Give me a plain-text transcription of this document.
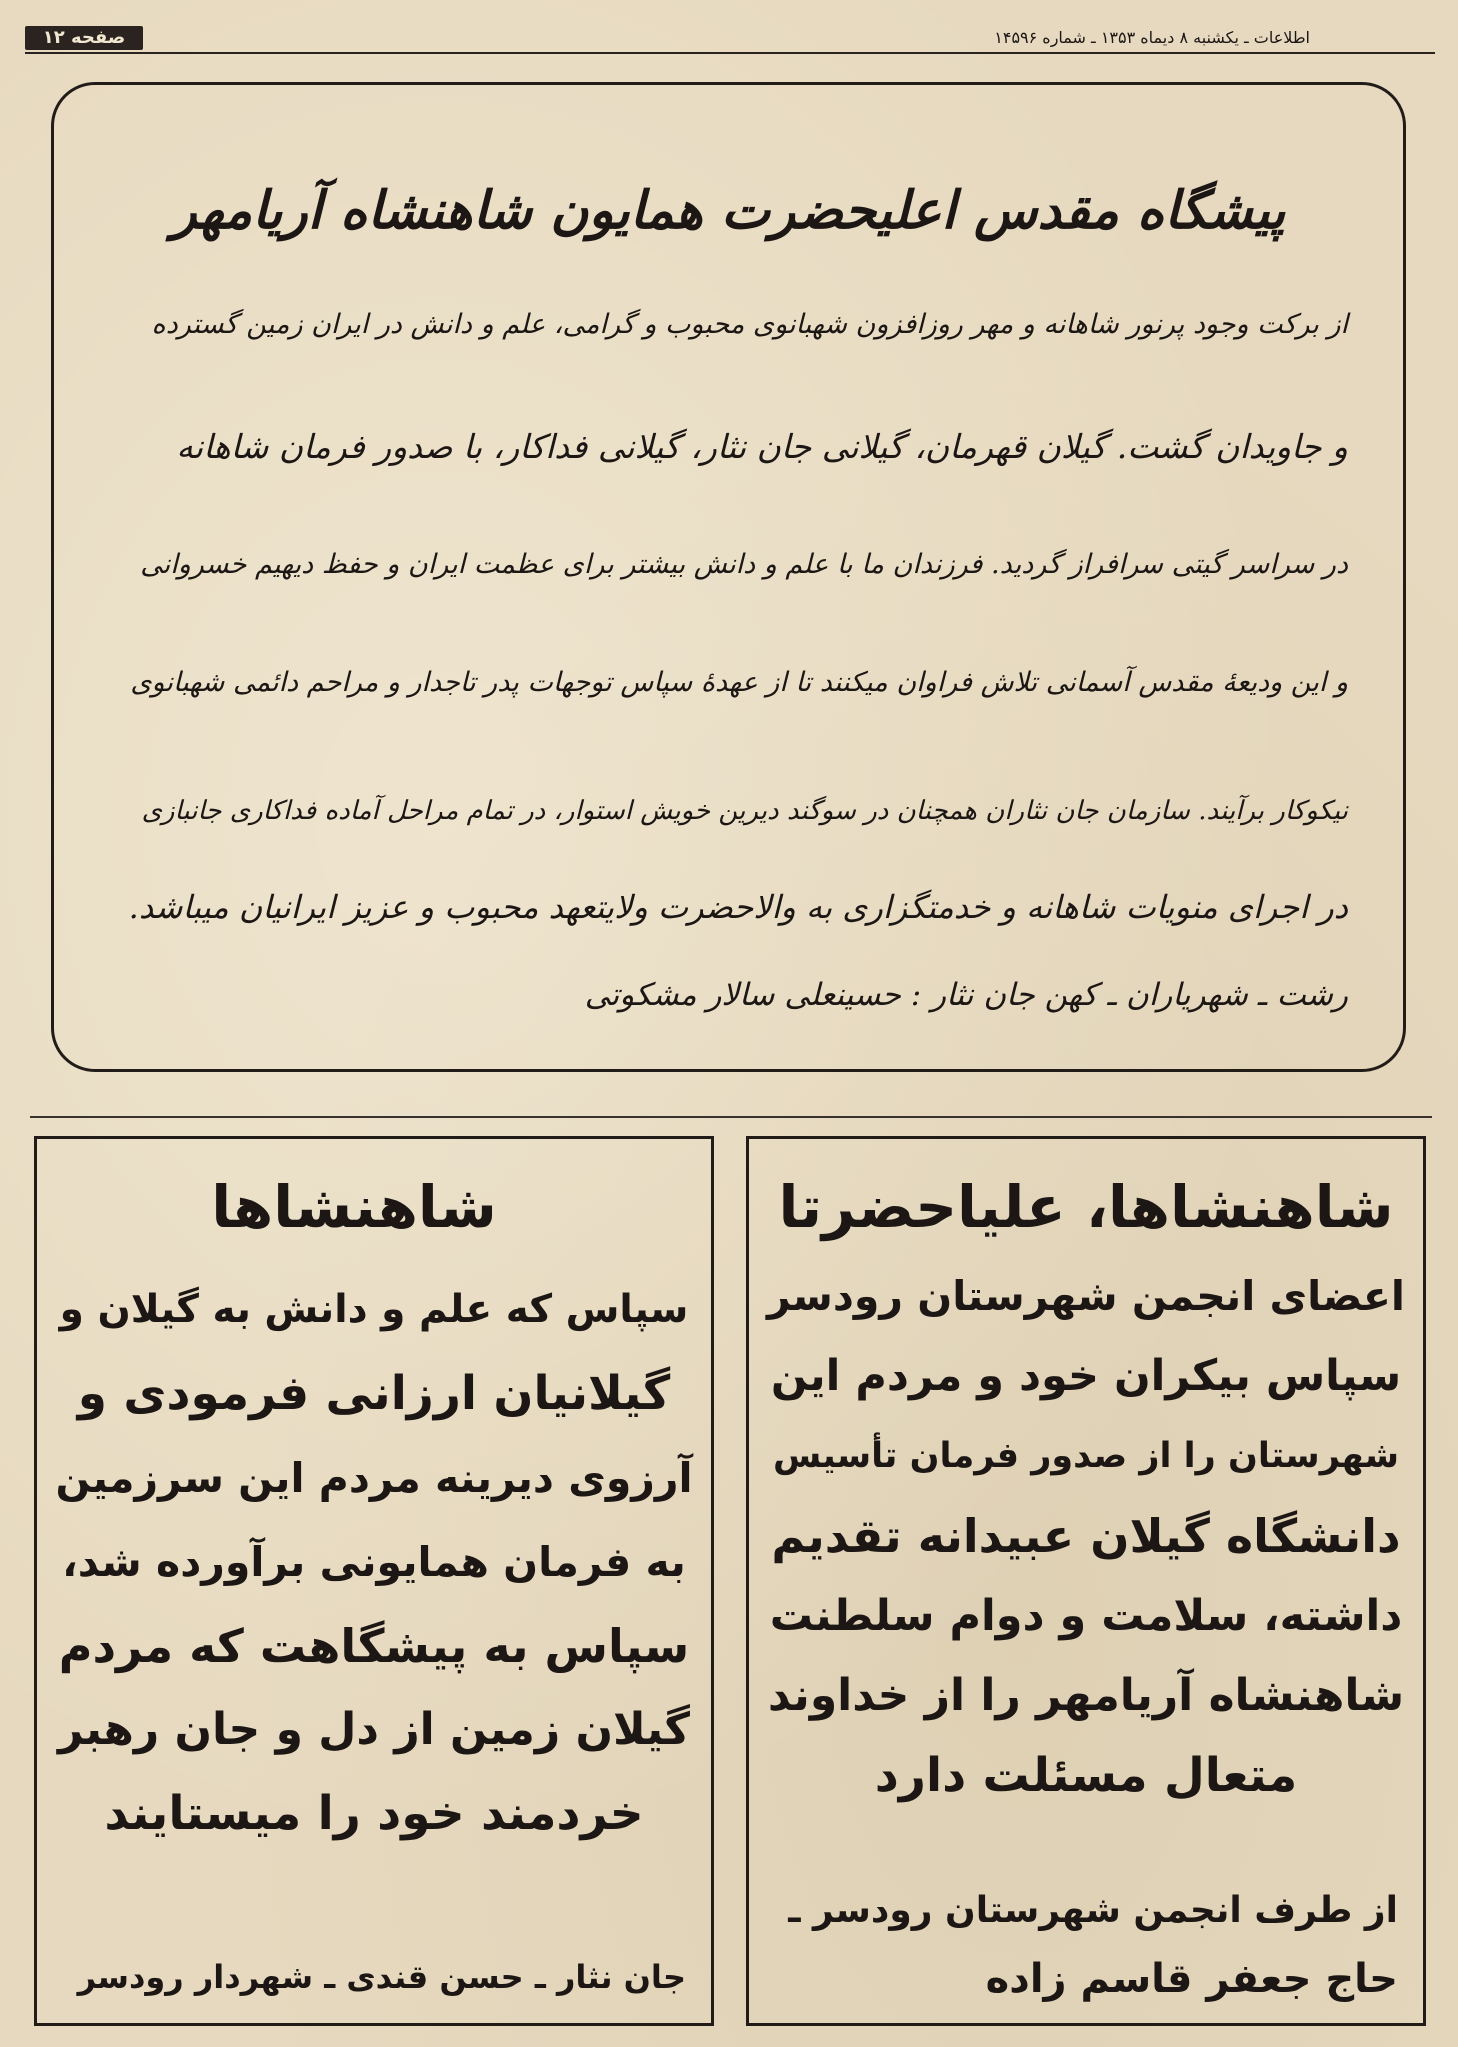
صفحه ۱۲	اطلاعات ـ یکشنبه ۸ دیماه ۱۳۵۳ ـ شماره ۱۴۵۹۶
پیشگاه مقدس اعلیحضرت همایون شاهنشاه آریامهر
از برکت وجود پرنور شاهانه و مهر روزافزون شهبانوی محبوب و گرامی، علم و دانش در ایران زمین گسترده
و جاویدان گشت. گیلان قهرمان، گیلانی جان نثار، گیلانی فداکار، با صدور فرمان شاهانه
در سراسر گیتی سرافراز گردید. فرزندان ما با علم و دانش بیشتر برای عظمت ایران و حفظ دیهیم خسروانی
و این ودیعهٔ مقدس آسمانی تلاش فراوان میکنند تا از عهدهٔ سپاس توجهات پدر تاجدار و مراحم دائمی شهبانوی
نیکوکار برآیند. سازمان جان نثاران همچنان در سوگند دیرین خویش استوار، در تمام مراحل آماده فداکاری جانبازی
در اجرای منویات شاهانه و خدمتگزاری به والاحضرت ولایتعهد محبوب و عزیز ایرانیان میباشد.
رشت ـ شهریاران ـ کهن جان نثار : حسینعلی سالار مشکوتی
شاهنشاها
سپاس که علم و دانش به گیلان و
گیلانیان ارزانی فرمودی و
آرزوی دیرینه مردم این سرزمین
به فرمان همایونی برآورده شد،
سپاس به پیشگاهت که مردم
گیلان زمین از دل و جان رهبر
خردمند خود را میستایند
جان نثار ـ حسن قندی ـ شهردار رودسر
شاهنشاها، علیاحضرتا
اعضای انجمن شهرستان رودسر
سپاس بیکران خود و مردم این
شهرستان را از صدور فرمان تأسیس
دانشگاه گیلان عبیدانه تقدیم
داشته، سلامت و دوام سلطنت
شاهنشاه آریامهر را از خداوند
متعال مسئلت دارد
از طرف انجمن شهرستان رودسر ـ
حاج جعفر قاسم زاده
